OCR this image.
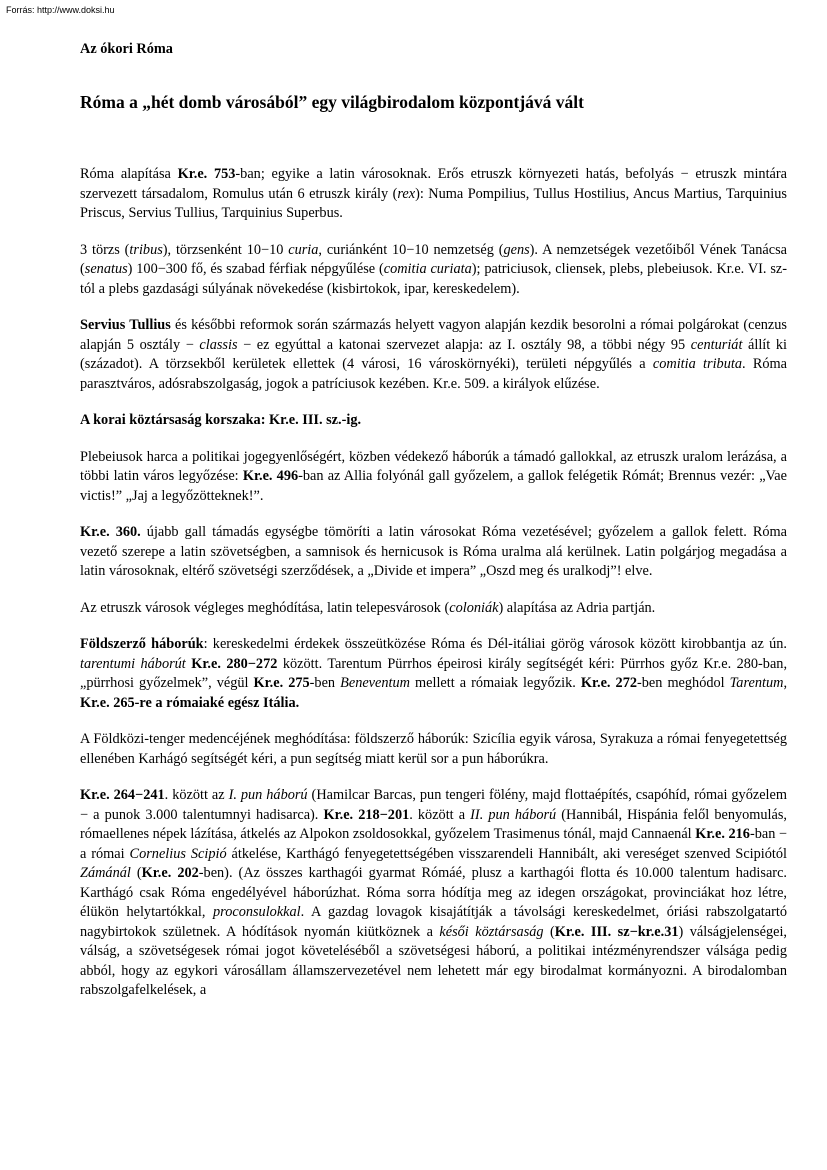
Forrás: http://www.doksi.hu
Az ókori Róma
Róma a „hét domb városából” egy világbirodalom központjává vált

Róma alapítása Kr.e. 753-ban; egyike a latin városoknak. Erős etruszk környezeti hatás, befolyás − etruszk mintára szervezett társadalom, Romulus után 6 etruszk király (rex): Numa Pompilius, Tullus Hostilius, Ancus Martius, Tarquinius Priscus, Servius Tullius, Tarquinius Superbus.

3 törzs (tribus), törzsenként 10−10 curia, curiánként 10−10 nemzetség (gens). A nemzetségek vezetőiből Vének Tanácsa (senatus) 100−300 fő, és szabad férfiak népgyűlése (comitia curiata); patriciusok, cliensek, plebs, plebeiusok. Kr.e. VI. sz-tól a plebs gazdasági súlyának növekedése (kisbirtokok, ipar, kereskedelem).

Servius Tullius és későbbi reformok során származás helyett vagyon alapján kezdik besorolni a római polgárokat (cenzus alapján 5 osztály − classis − ez egyúttal a katonai szervezet alapja: az I. osztály 98, a többi négy 95 centuriát állít ki (századot). A törzsekből kerületek ellettek (4 városi, 16 városkörnyéki), területi népgyűlés a comitia tributa. Róma parasztváros, adósrabszolgaság, jogok a patríciusok kezében. Kr.e. 509. a királyok elűzése.

A korai köztársaság korszaka: Kr.e. III. sz.-ig.

Plebeiusok harca a politikai jogegyenlőségért, közben védekező háborúk a támadó gallokkal, az etruszk uralom lerázása, a többi latin város legyőzése: Kr.e. 496-ban az Allia folyónál gall győzelem, a gallok felégetik Rómát; Brennus vezér: „Vae victis!” „Jaj a legyőzötteknek!”.

Kr.e. 360. újabb gall támadás egységbe tömöríti a latin városokat Róma vezetésével; győzelem a gallok felett. Róma vezető szerepe a latin szövetségben, a samnisok és hernicusok is Róma uralma alá kerülnek. Latin polgárjog megadása a latin városoknak, eltérő szövetségi szerződések, a „Divide et impera” „Oszd meg és uralkodj”! elve.

Az etruszk városok végleges meghódítása, latin telepesvárosok (coloniák) alapítása az Adria partján.

Földszerző háborúk: kereskedelmi érdekek összeütközése Róma és Dél-itáliai görög városok között kirobbantja az ún. tarentumi háborút Kr.e. 280−272 között. Tarentum Pürrhos épeirosi király segítségét kéri: Pürrhos győz Kr.e. 280-ban, „pürrhosi győzelmek”, végül Kr.e. 275-ben Beneventum mellett a rómaiak legyőzik. Kr.e. 272-ben meghódol Tarentum, Kr.e. 265-re a rómaiaké egész Itália.

A Földközi-tenger medencéjének meghódítása: földszerző háborúk: Szicília egyik városa, Syrakuza a római fenyegetettség ellenében Karhágó segítségét kéri, a pun segítség miatt kerül sor a pun háborúkra.

Kr.e. 264−241. között az I. pun háború (Hamilcar Barcas, pun tengeri fölény, majd flottaépítés, csapóhíd, római győzelem − a punok 3.000 talentumnyi hadisarca). Kr.e. 218−201. között a II. pun háború (Hannibál, Hispánia felől benyomulás, rómaellenes népek lázítása, átkelés az Alpokon zsoldosokkal, győzelem Trasimenus tónál, majd Cannaenál Kr.e. 216-ban − a római Cornelius Scipió átkelése, Karthágó fenyegetettségében visszarendeli Hannibált, aki vereséget szenved Scipiótól Zámánál (Kr.e. 202-ben). (Az összes karthagói gyarmat Rómáé, plusz a karthagói flotta és 10.000 talentum hadisarc. Karthágó csak Róma engedélyével háborúzhat. Róma sorra hódítja meg az idegen országokat, provinciákat hoz létre, élükön helytartókkal, proconsulokkal. A gazdag lovagok kisajátítják a távolsági kereskedelmet, óriási rabszolgatartó nagybirtokok születnek. A hódítások nyomán kiütköznek a késői köztársaság (Kr.e. III. sz−kr.e.31) válságjelenségei, válság, a szövetségesek római jogot követeléséből a szövetségesi háború, a politikai intézményrendszer válsága pedig abból, hogy az egykori városállam államszervezetével nem lehetett már egy birodalmat kormányozni. A birodalomban rabszolgafelkelések, a
